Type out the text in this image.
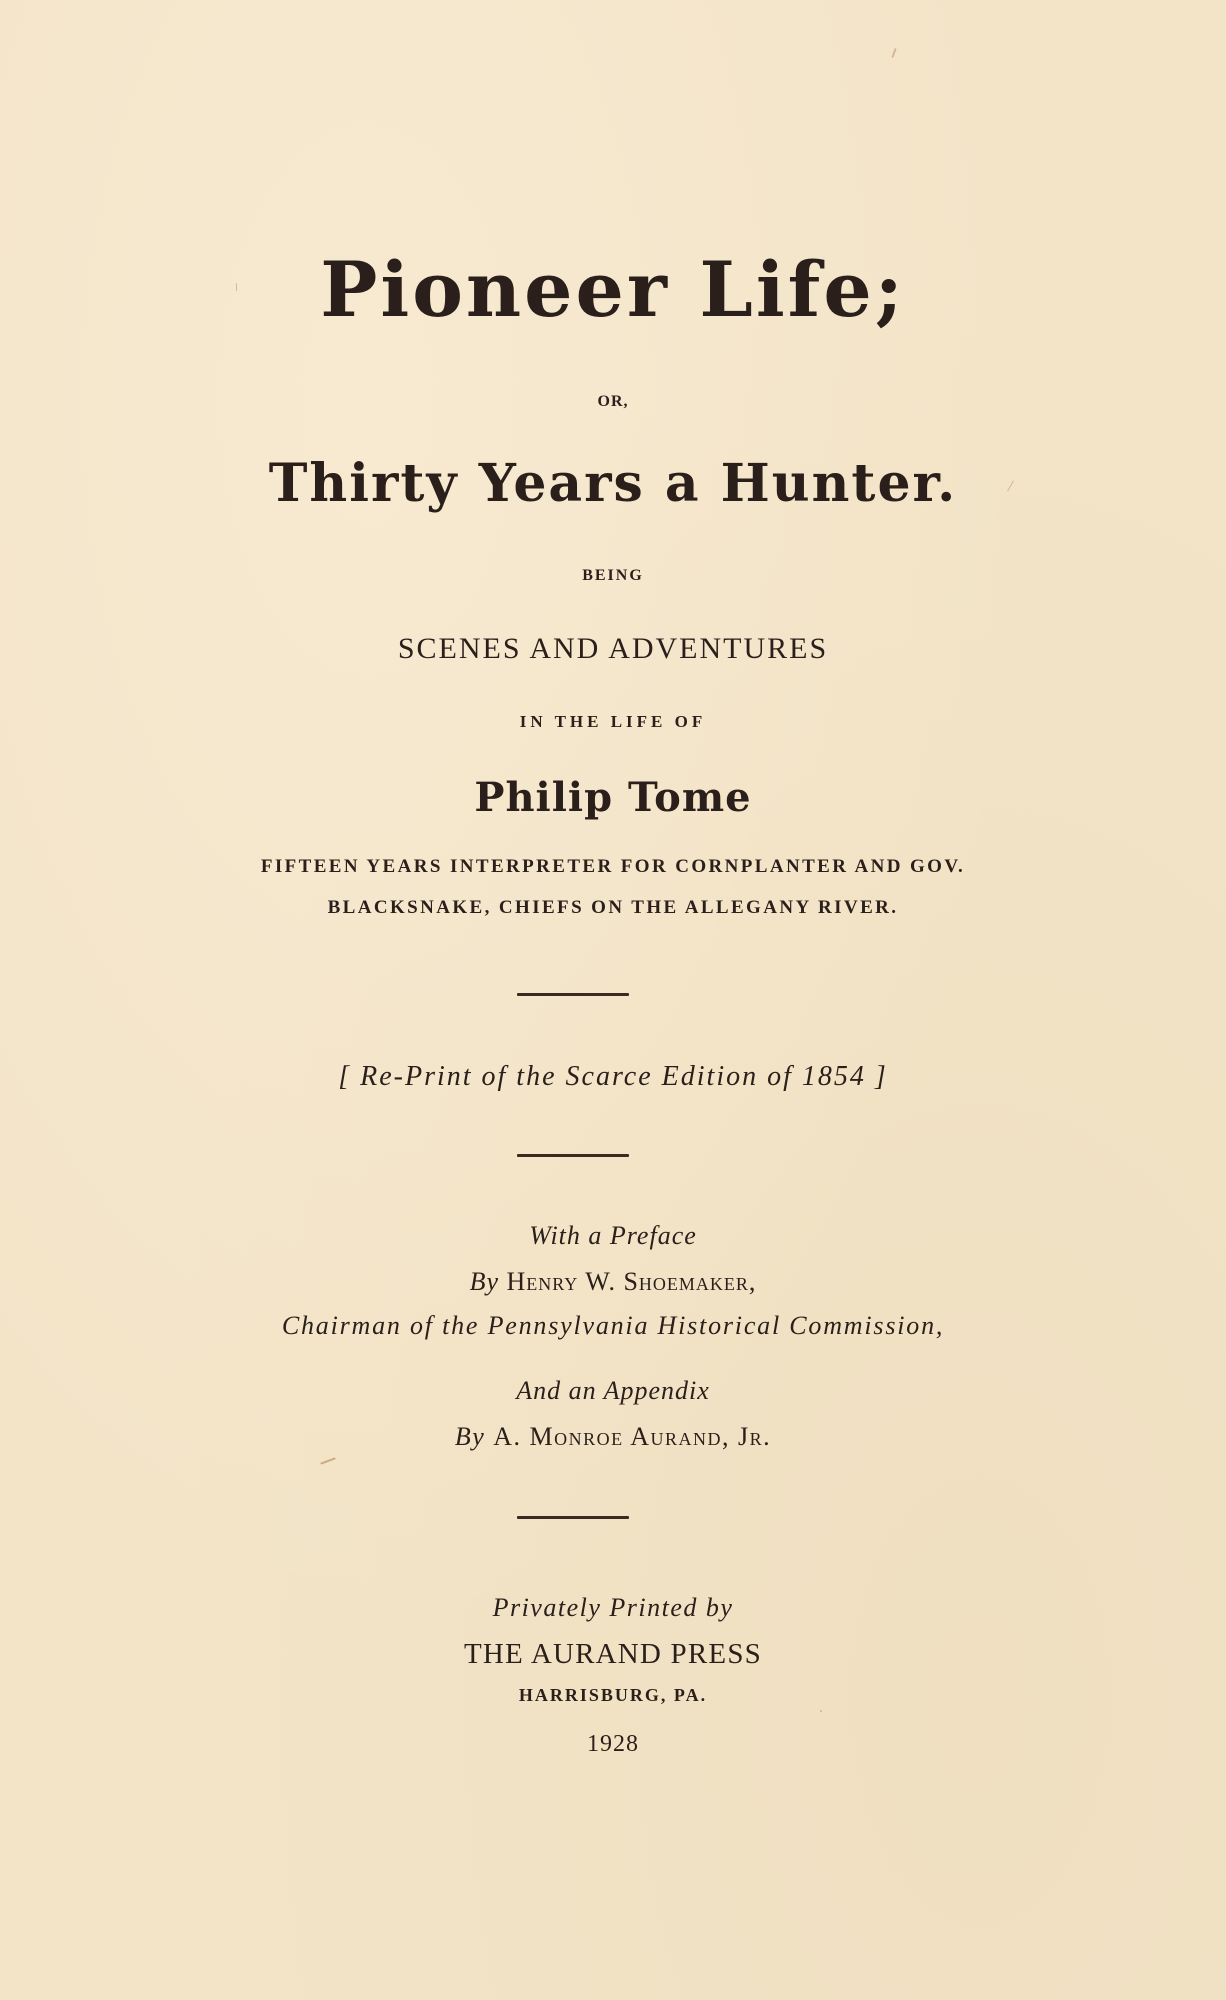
Pioneer Life;
OR,
Thirty Years a Hunter.
BEING
SCENES AND ADVENTURES
IN THE LIFE OF
Philip Tome
FIFTEEN YEARS INTERPRETER FOR CORNPLANTER AND GOV.
BLACKSNAKE, CHIEFS ON THE ALLEGANY RIVER.
[ Re-Print of the Scarce Edition of 1854 ]
With a Preface
By Henry W. Shoemaker,
Chairman of the Pennsylvania Historical Commission,
And an Appendix
By A. Monroe Aurand, Jr.
Privately Printed by
THE AURAND PRESS
HARRISBURG, PA.
1928
